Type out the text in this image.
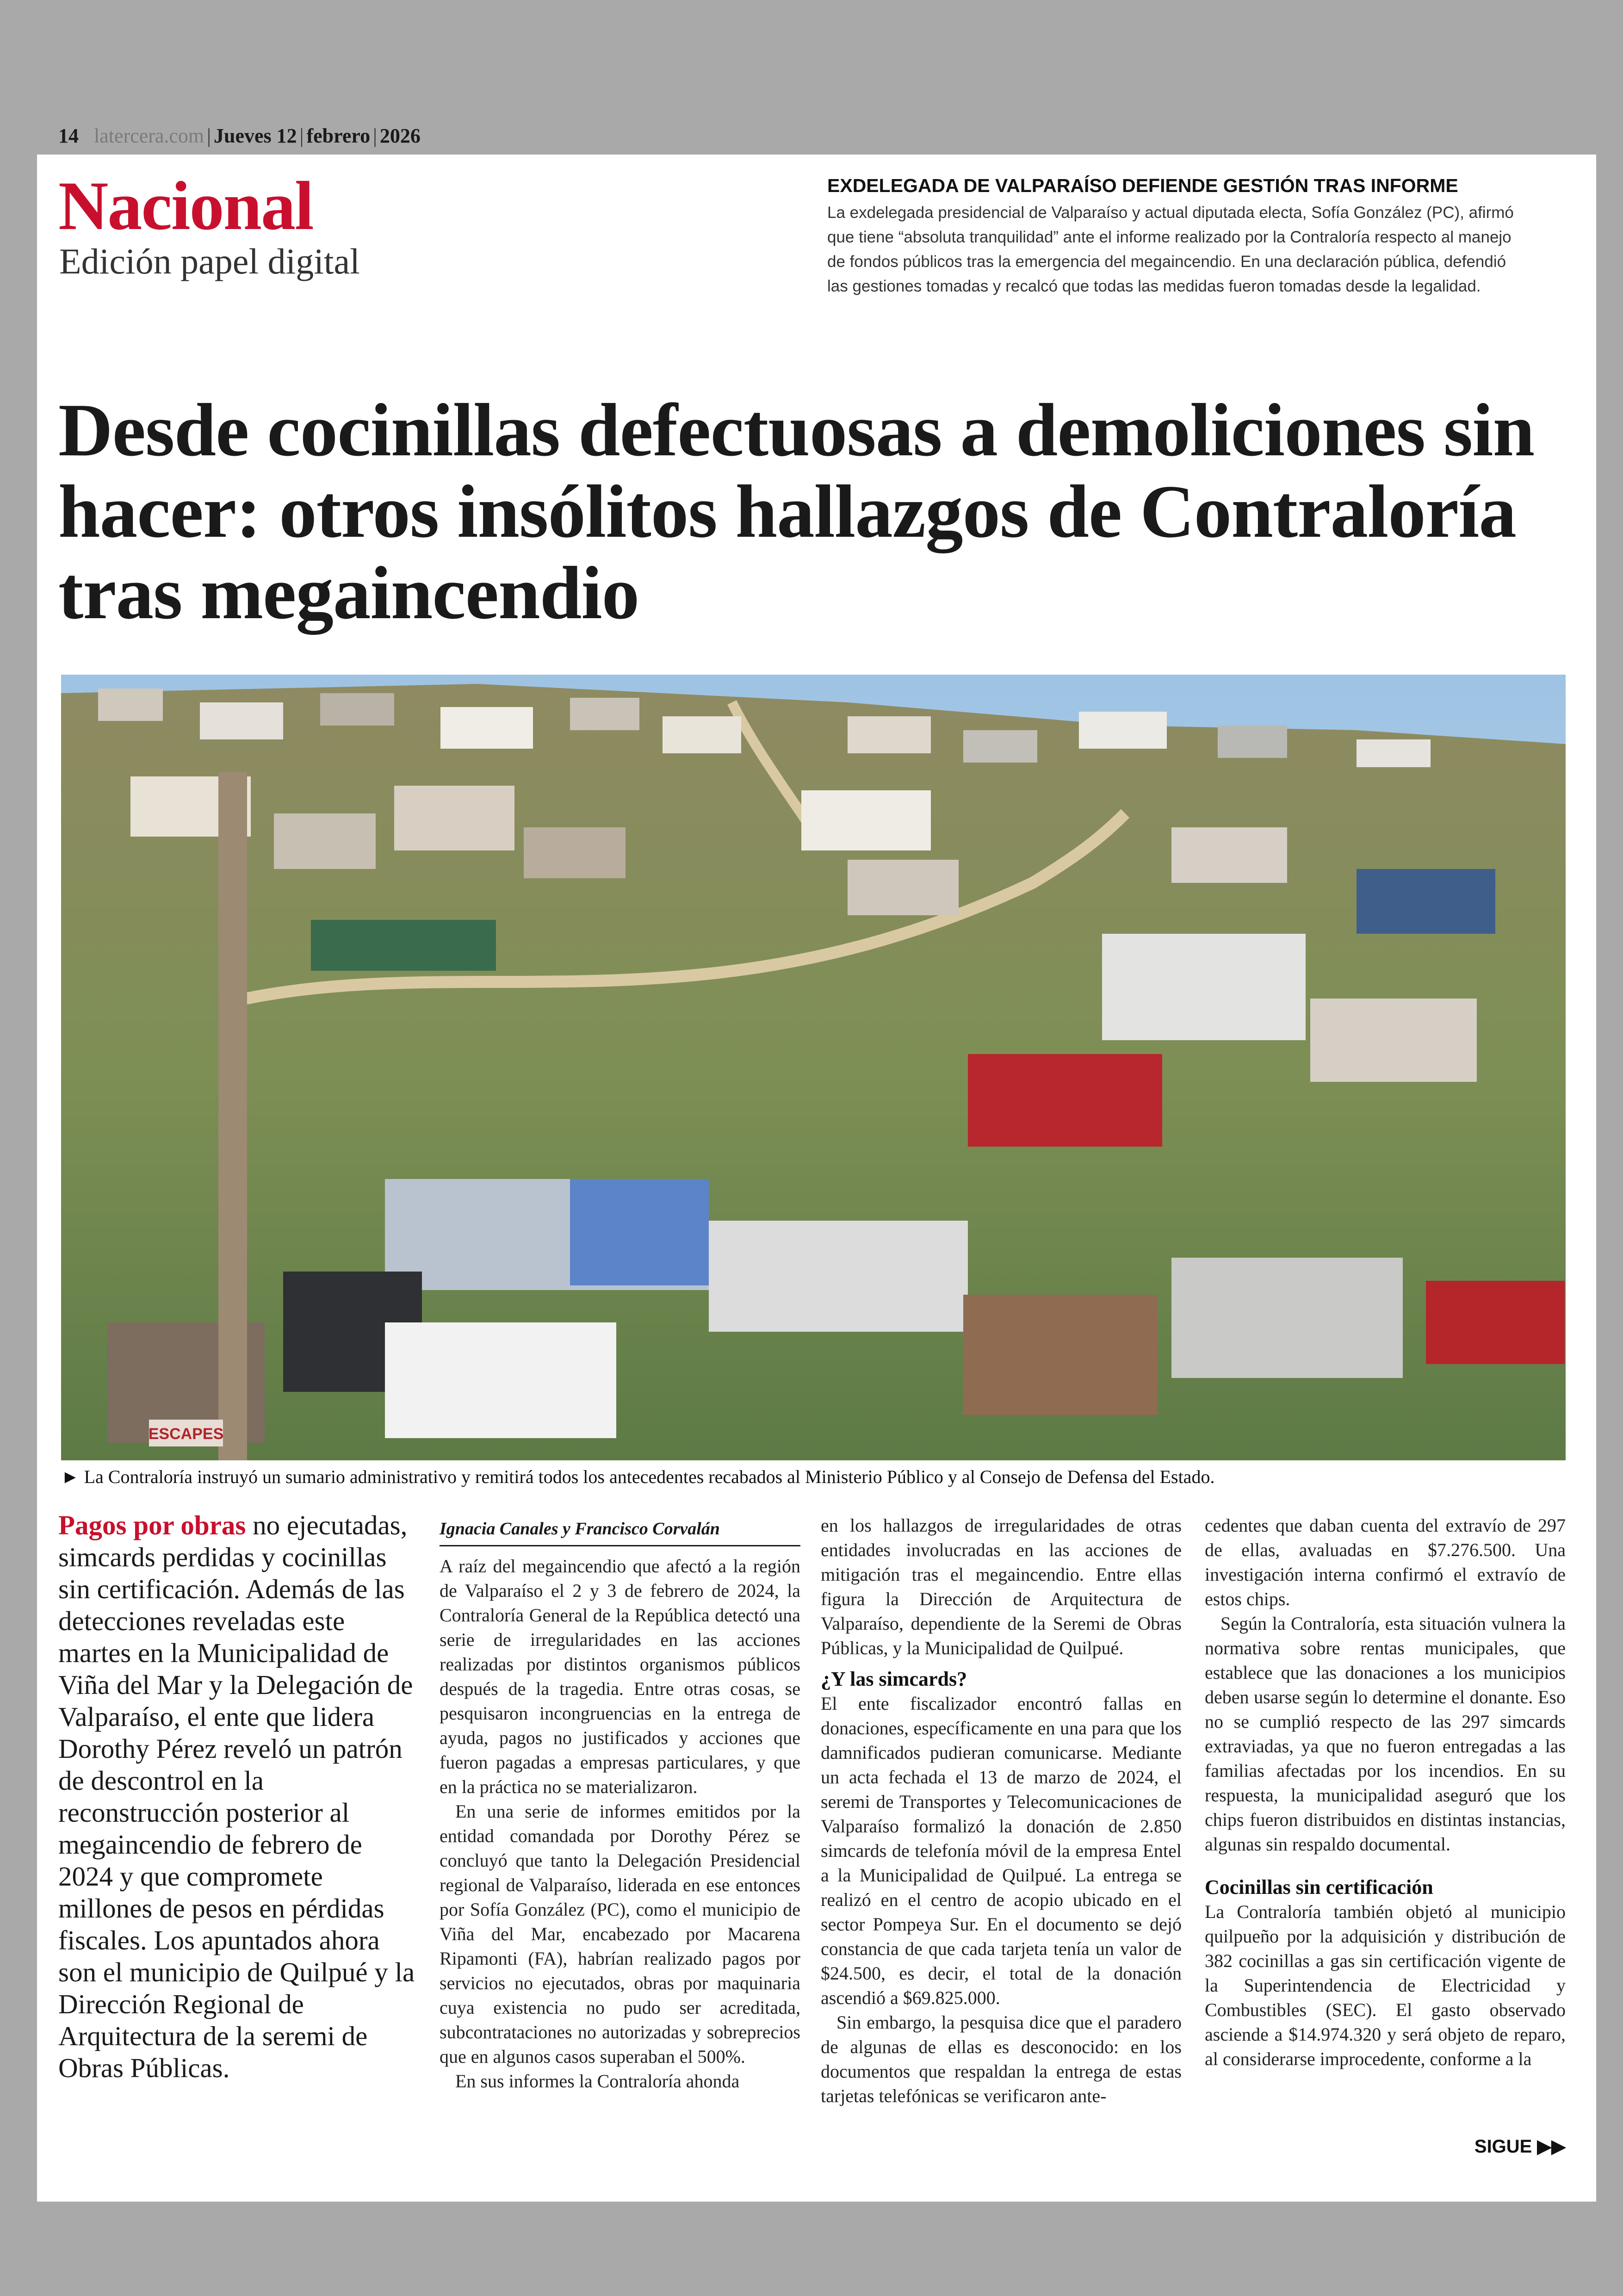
14 latercera.com | Jueves 12 | febrero | 2026
Nacional
Edición papel digital
EXDELEGADA DE VALPARAÍSO DEFIENDE GESTIÓN TRAS INFORME

La exdelegada presidencial de Valparaíso y actual diputada electa, Sofía González (PC), afirmó que tiene “absoluta tranquilidad” ante el informe realizado por la Contraloría respecto al manejo de fondos públicos tras la emergencia del megaincendio. En una declaración pública, defendió las gestiones tomadas y recalcó que todas las medidas fueron tomadas desde la legalidad.

Desde cocinillas defectuosas a demoliciones sin hacer: otros insólitos hallazgos de Contraloría tras megaincendio
ESCAPES
► La Contraloría instruyó un sumario administrativo y remitirá todos los antecedentes recabados al Ministerio Público y al Consejo de Defensa del Estado.
Pagos por obras no ejecutadas, simcards perdidas y cocinillas sin certificación. Además de las detecciones reveladas este martes en la Municipalidad de Viña del Mar y la Delegación de Valparaíso, el ente que lidera Dorothy Pérez reveló un patrón de descontrol en la reconstrucción posterior al megaincendio de febrero de 2024 y que compromete millones de pesos en pérdidas fiscales. Los apuntados ahora son el municipio de Quilpué y la Dirección Regional de Arquitectura de la seremi de Obras Públicas.
Ignacia Canales y Francisco Corvalán

A raíz del megaincendio que afectó a la región de Valparaíso el 2 y 3 de febrero de 2024, la Contraloría General de la República detectó una serie de irregularidades en las acciones realizadas por distintos organismos públicos después de la tragedia. Entre otras cosas, se pesquisaron incongruencias en la entrega de ayuda, pagos no justificados y acciones que fueron pagadas a empresas particulares, y que en la práctica no se materializaron.

En una serie de informes emitidos por la entidad comandada por Dorothy Pérez se concluyó que tanto la Delegación Presidencial regional de Valparaíso, liderada en ese entonces por Sofía González (PC), como el municipio de Viña del Mar, encabezado por Macarena Ripamonti (FA), habrían realizado pagos por servicios no ejecutados, obras por maquinaria cuya existencia no pudo ser acreditada, subcontrataciones no autorizadas y sobreprecios que en algunos casos superaban el 500%.

En sus informes la Contraloría ahonda

en los hallazgos de irregularidades de otras entidades involucradas en las acciones de mitigación tras el megaincendio. Entre ellas figura la Dirección de Arquitectura de Valparaíso, dependiente de la Seremi de Obras Públicas, y la Municipalidad de Quilpué.

¿Y las simcards?

El ente fiscalizador encontró fallas en donaciones, específicamente en una para que los damnificados pudieran comunicarse. Mediante un acta fechada el 13 de marzo de 2024, el seremi de Transportes y Telecomunicaciones de Valparaíso formalizó la donación de 2.850 simcards de telefonía móvil de la empresa Entel a la Municipalidad de Quilpué. La entrega se realizó en el centro de acopio ubicado en el sector Pompeya Sur. En el documento se dejó constancia de que cada tarjeta tenía un valor de $24.500, es decir, el total de la donación ascendió a $69.825.000.

Sin embargo, la pesquisa dice que el paradero de algunas de ellas es desconocido: en los documentos que respaldan la entrega de estas tarjetas telefónicas se verificaron ante-

cedentes que daban cuenta del extravío de 297 de ellas, avaluadas en $7.276.500. Una investigación interna confirmó el extravío de estos chips.

Según la Contraloría, esta situación vulnera la normativa sobre rentas municipales, que establece que las donaciones a los municipios deben usarse según lo determine el donante. Eso no se cumplió respecto de las 297 simcards extraviadas, ya que no fueron entregadas a las familias afectadas por los incendios. En su respuesta, la municipalidad aseguró que los chips fueron distribuidos en distintas instancias, algunas sin respaldo documental.

Cocinillas sin certificación

La Contraloría también objetó al municipio quilpueño por la adquisición y distribución de 382 cocinillas a gas sin certificación vigente de la Superintendencia de Electricidad y Combustibles (SEC). El gasto observado asciende a $14.974.320 y será objeto de reparo, al considerarse improcedente, conforme a la

SIGUE ▶▶
